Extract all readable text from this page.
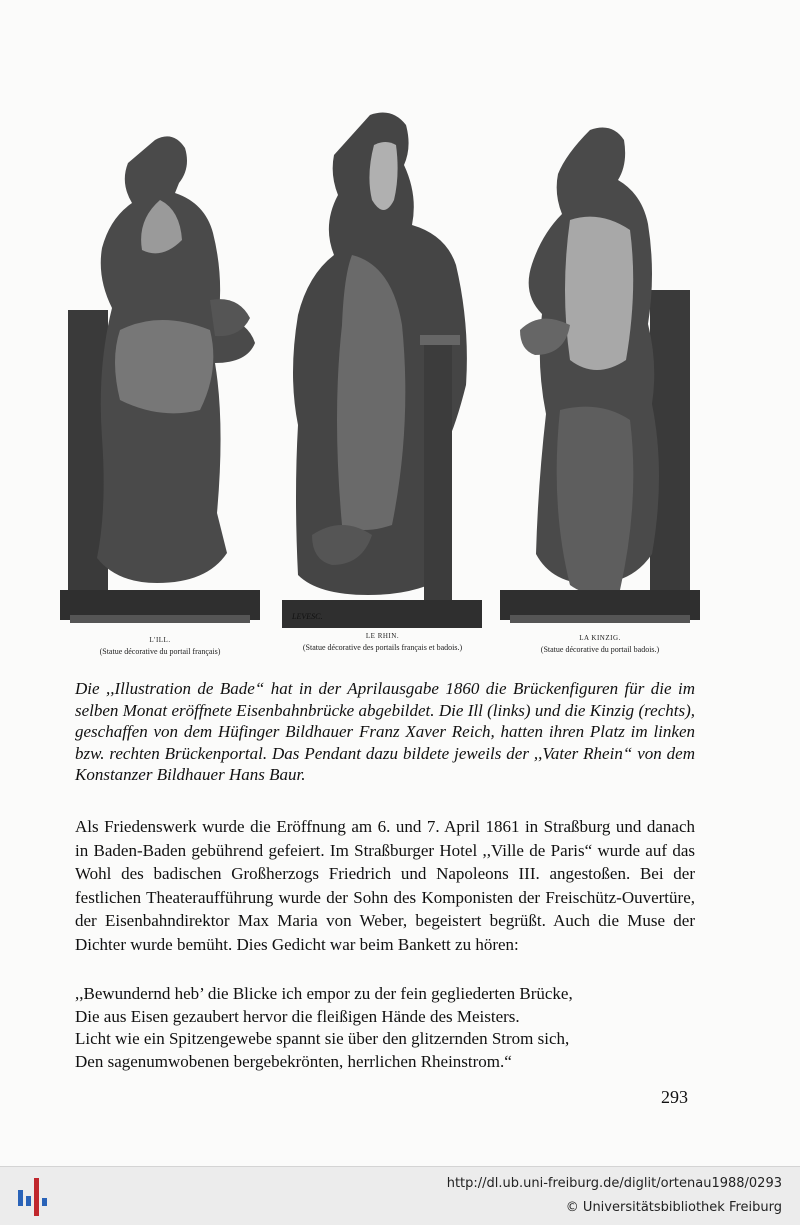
LEVESC.
L'ILL.
(Statue décorative du portail français)
LE RHIN.
(Statue décorative des portails français et badois.)
LA KINZIG.
(Statue décorative du portail badois.)
Die ,,Illustration de Bade“ hat in der Aprilausgabe 1860 die Brückenfiguren für die im selben Monat eröffnete Eisenbahnbrücke abgebildet. Die Ill (links) und die Kinzig (rechts), geschaffen von dem Hüfinger Bildhauer Franz Xaver Reich, hatten ihren Platz im linken bzw. rechten Brückenportal. Das Pendant dazu bildete jeweils der ,,Vater Rhein“ von dem Konstanzer Bildhauer Hans Baur.
Als Friedenswerk wurde die Eröffnung am 6. und 7. April 1861 in Straßburg und danach in Baden-Baden gebührend gefeiert. Im Straßburger Hotel ,,Ville de Paris“ wurde auf das Wohl des badischen Großherzogs Friedrich und Napoleons III. angestoßen. Bei der festlichen Theateraufführung wurde der Sohn des Komponisten der Freischütz-Ouvertüre, der Eisenbahndirektor Max Maria von Weber, begeistert begrüßt. Auch die Muse der Dichter wurde bemüht. Dies Gedicht war beim Bankett zu hören:
,,Bewundernd heb’ die Blicke ich empor zu der fein gegliederten Brücke,
Die aus Eisen gezaubert hervor die fleißigen Hände des Meisters.
Licht wie ein Spitzengewebe spannt sie über den glitzernden Strom sich,
Den sagenumwobenen bergebekrönten, herrlichen Rheinstrom.“
293
http://dl.ub.uni-freiburg.de/diglit/ortenau1988/0293
© Universitätsbibliothek Freiburg
